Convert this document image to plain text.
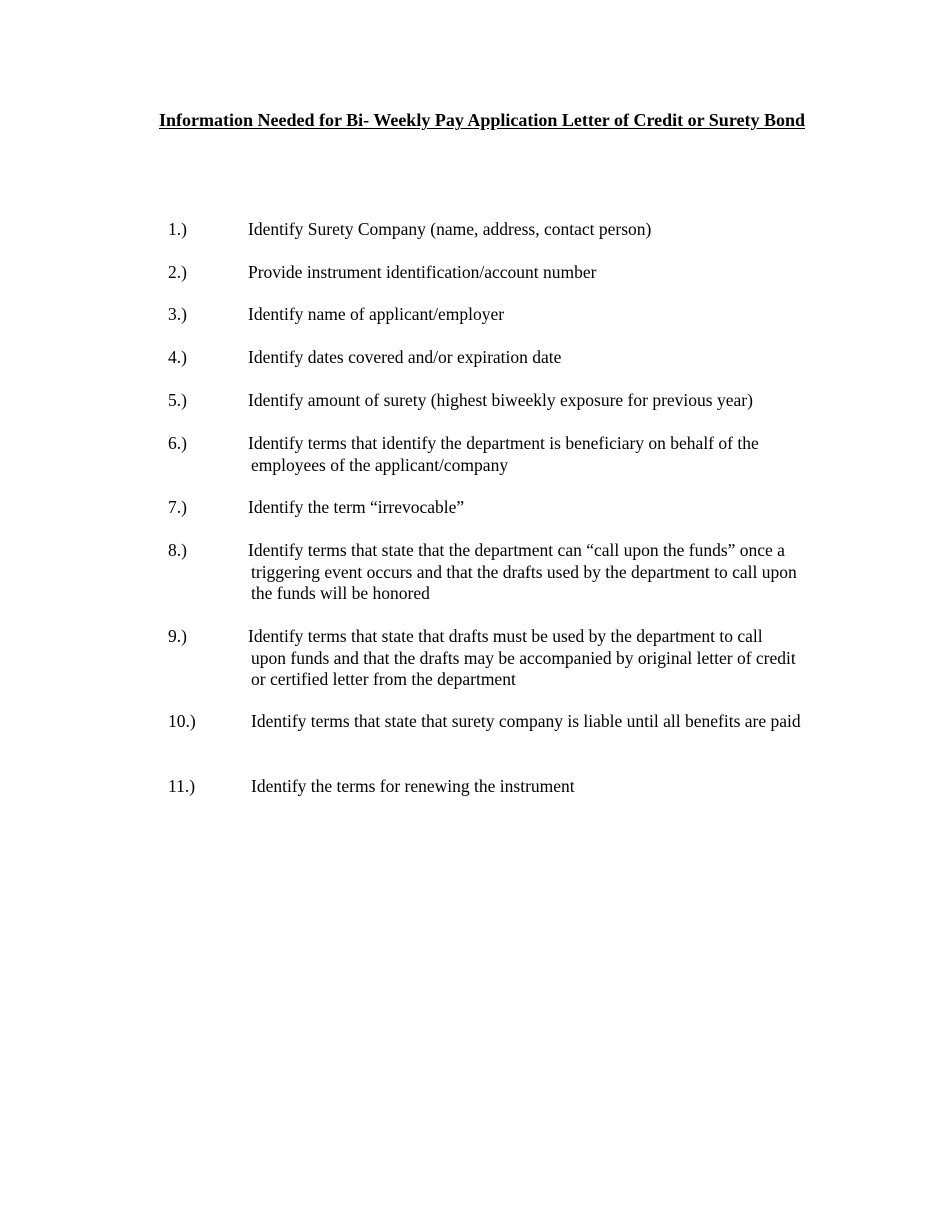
Information Needed for Bi- Weekly Pay Application Letter of Credit or Surety Bond
1.)	Identify Surety Company (name, address, contact person)
2.)	Provide instrument identification/account number
3.)	Identify name of applicant/employer
4.)	Identify dates covered and/or expiration date
5.)	Identify amount of surety (highest biweekly exposure for previous year)
6.)	Identify terms that identify the department is beneficiary on behalf of the employees of the applicant/company
7.)	Identify the term “irrevocable”
8.)	Identify terms that state that the department can “call upon the funds” once a triggering event occurs and that the drafts used by the department to call upon the funds will be honored
9.)	Identify terms that state that drafts must be used by the department to call upon funds and that the drafts may be accompanied by original letter of credit or certified letter from the department
10.)	Identify terms that state that surety company is liable until all benefits are paid
11.)	Identify the terms for renewing the instrument
